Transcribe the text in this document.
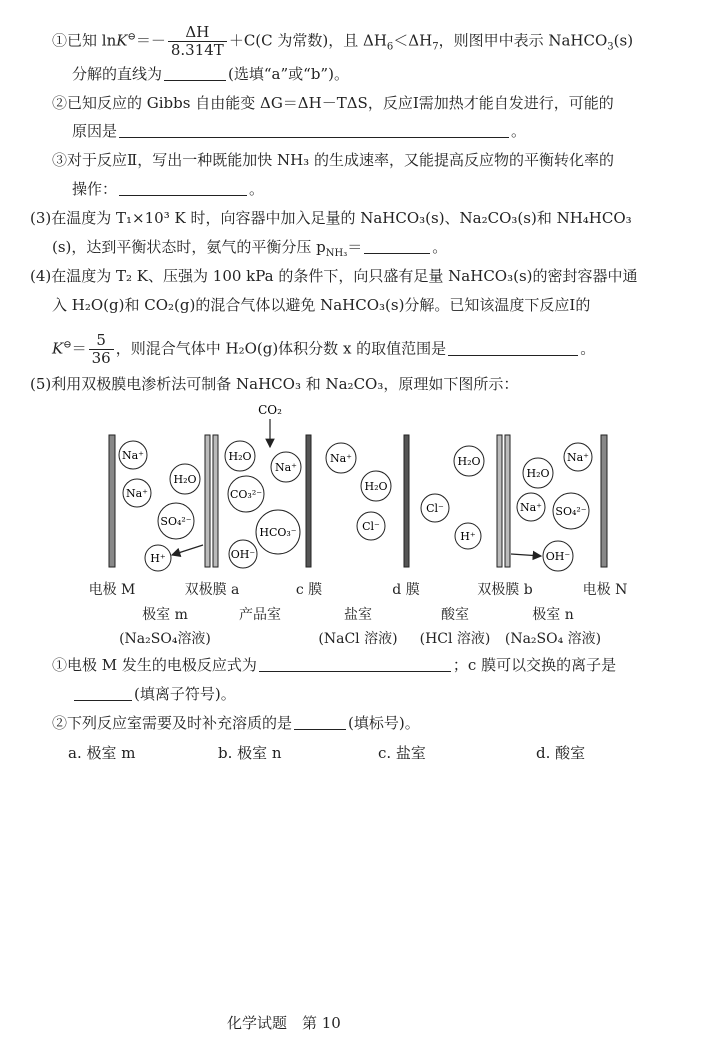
①已知 $\ln K^⊖=- \frac{\Delta H}{8.314T} +C(C$ 为常数)，且 $\Delta H_6<\Delta H_7$，则图甲中表示 NaHCO$_3$(s)
分解的直线为	(选填“a”或“b”)。
②已知反应的 Gibbs 自由能变 ΔG＝ΔH－TΔS，反应Ⅰ需加热才能自发进行，可能的
原因是	。
③对于反应Ⅱ，写出一种既能加快 NH₃ 的生成速率，又能提高反应物的平衡转化率的
操作：	。
(3)在温度为 T₁×10³ K 时，向容器中加入足量的 NaHCO₃(s)、Na₂CO₃(s)和 NH₄HCO₃
(s)，达到平衡状态时，氨气的平衡分压 $p_{NH_3}=$	。
(4)在温度为 T₂ K、压强为 100 kPa 的条件下，向只盛有足量 NaHCO₃(s)的密封容器中通
入 H₂O(g)和 CO₂(g)的混合气体以避免 NaHCO₃(s)分解。已知该温度下反应Ⅰ的
$K^⊖= \frac{5}{36}$ ，则混合气体中 H₂O(g)体积分数 x 的取值范围是	。
(5)利用双极膜电渗析法可制备 NaHCO₃ 和 Na₂CO₃，原理如下图所示：
CO₂
Na⁺
Na⁺
H₂O
SO₄²⁻
H⁺
H₂O
Na⁺
CO₃²⁻
HCO₃⁻
OH⁻
Na⁺
H₂O
Cl⁻
H₂O
Cl⁻
H⁺
H₂O
Na⁺
Na⁺ SO₄²⁻
OH⁻
电极 M	双极膜 a	c 膜	d 膜	双极膜 b	电极 N
极室 m	产品室	盐室	酸室	极室 n
(Na₂SO₄溶液)	(NaCl 溶液) (HCl 溶液) (Na₂SO₄ 溶液)
①电极 M 发生的电极反应式为	；c 膜可以交换的离子是
(填离子符号)。
②下列反应室需要及时补充溶质的是	(填标号)。
a. 极室 m	b. 极室 n	c. 盐室	d. 酸室
化学试题　第 10
